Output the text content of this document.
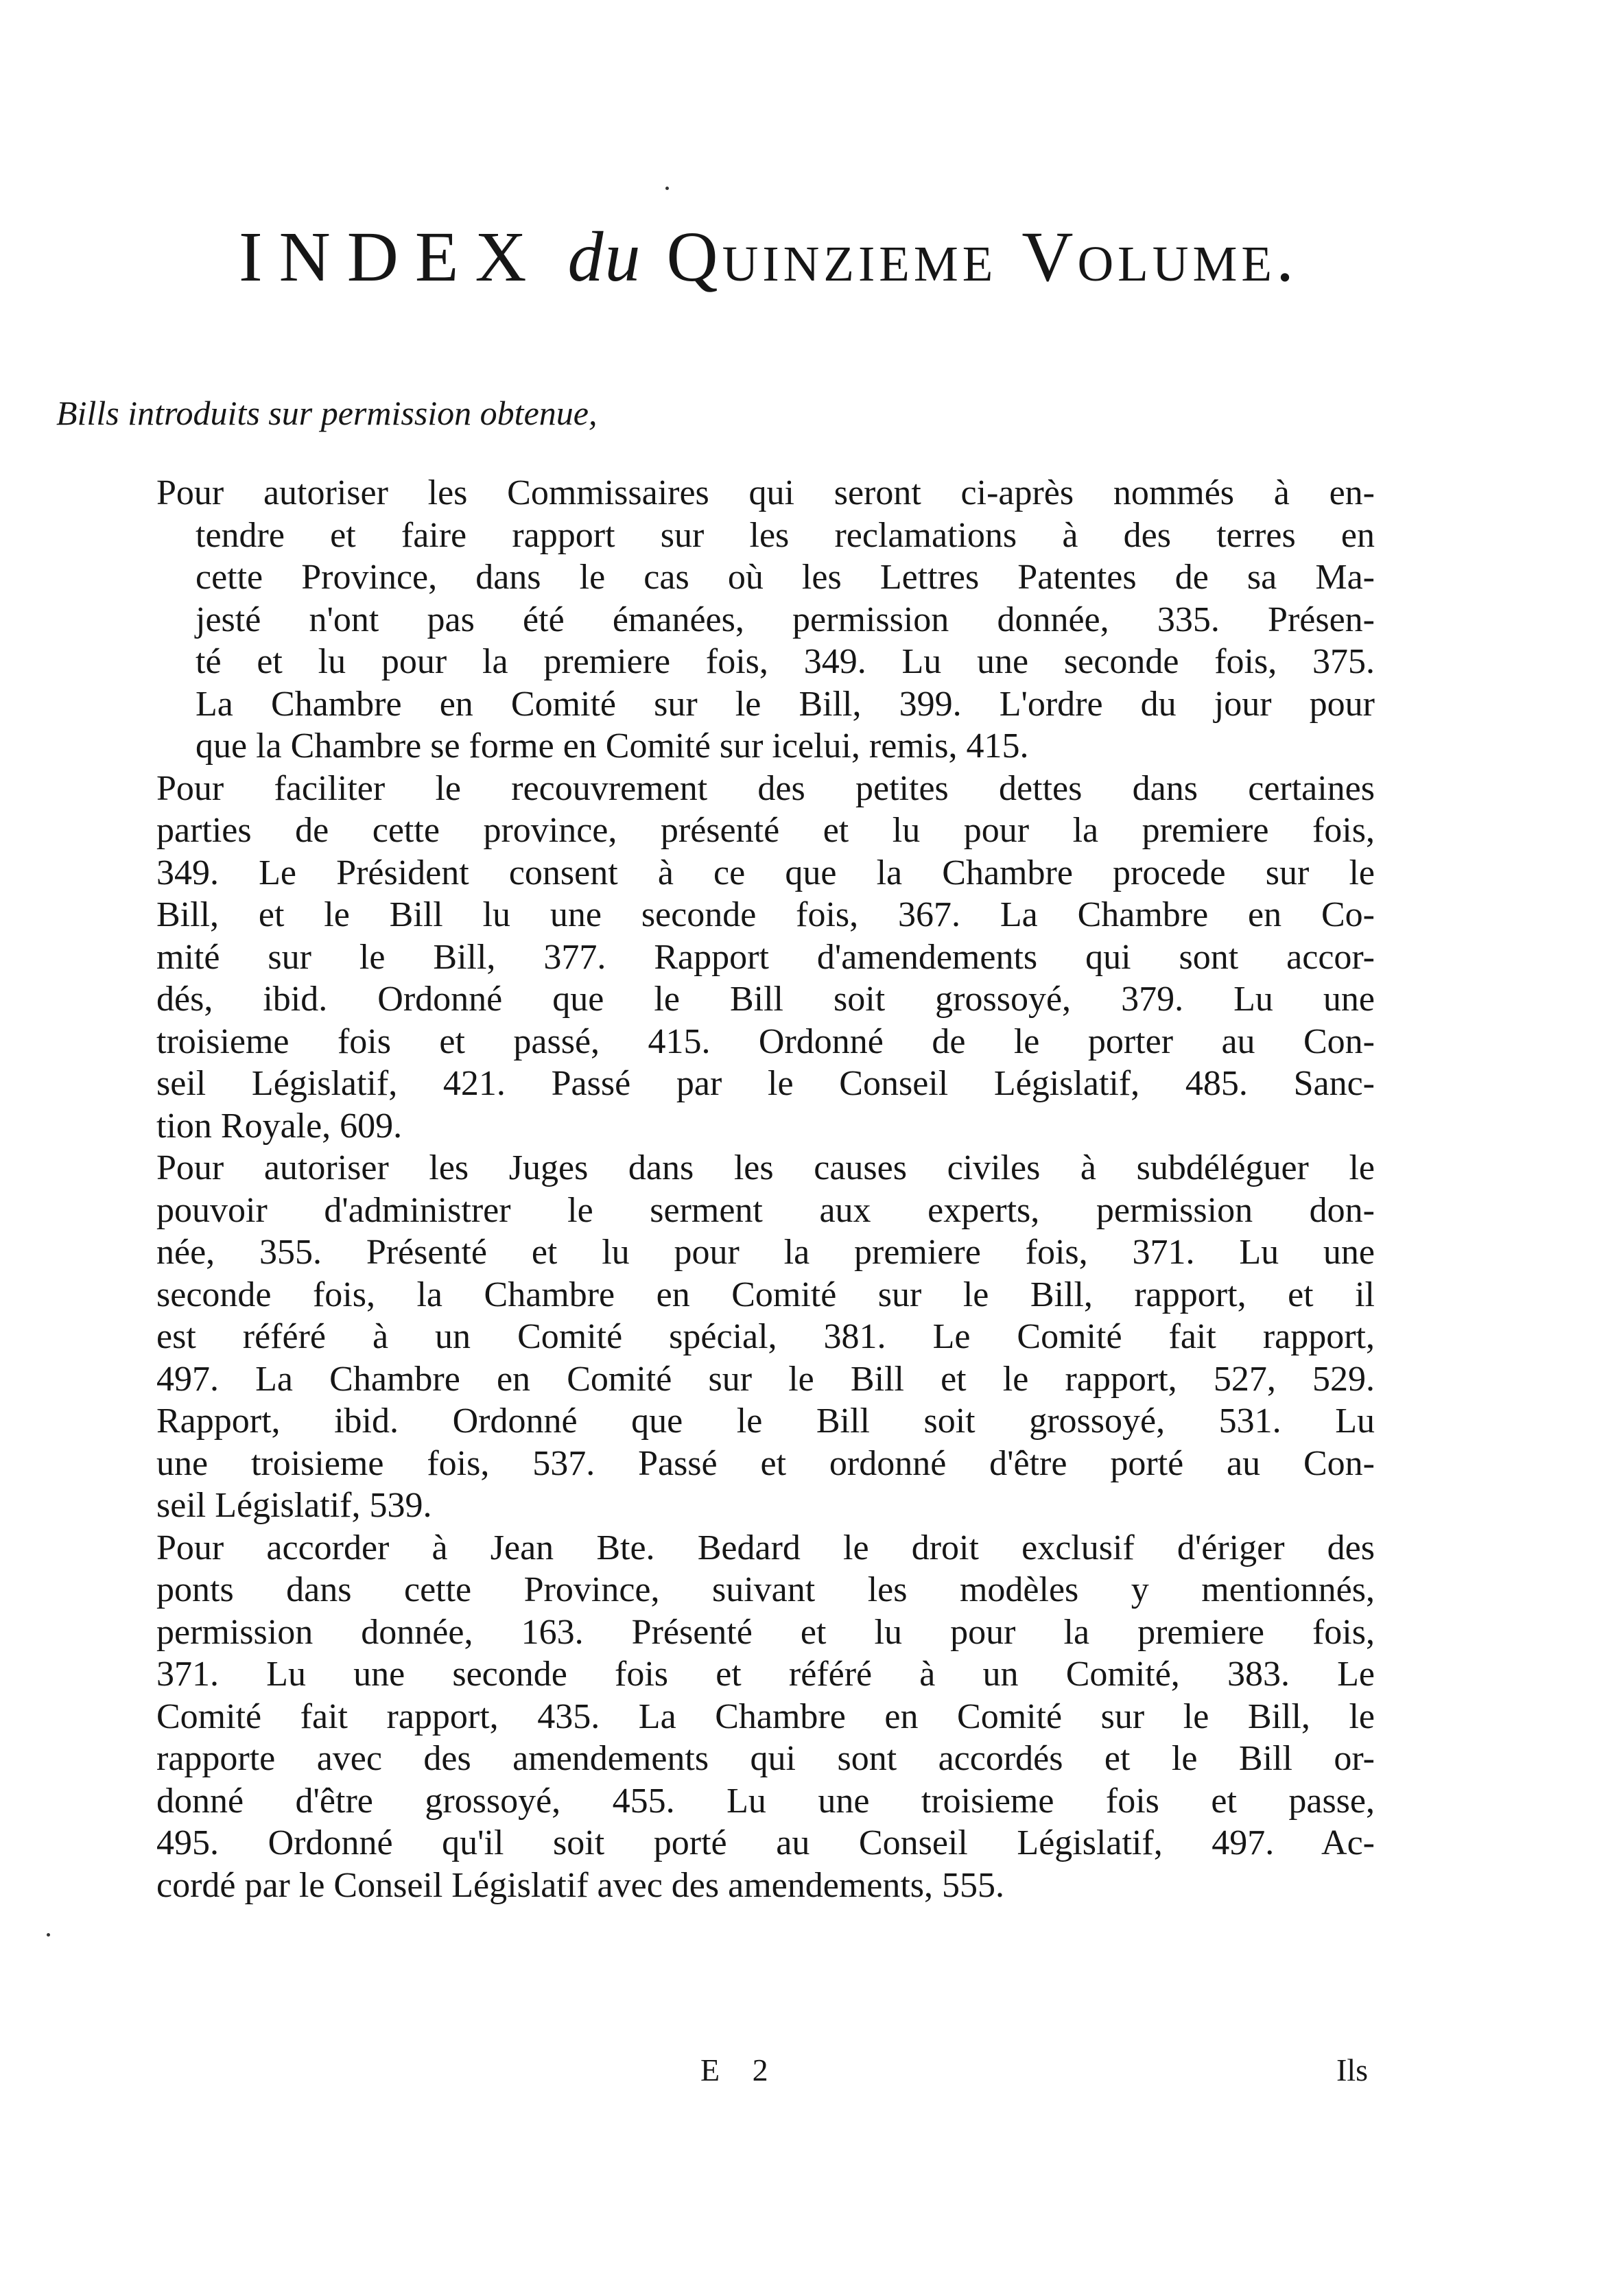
INDEX du Quinzieme Volume.
Bills introduits sur permission obtenue,

Pour autoriser les Commissaires qui seront ci-après nommés à en-
tendre et faire rapport sur les reclamations à des terres en
cette Province, dans le cas où les Lettres Patentes de sa Ma-
jesté n'ont pas été émanées, permission donnée, 335. Présen-
té et lu pour la premiere fois, 349. Lu une seconde fois, 375.
La Chambre en Comité sur le Bill, 399. L'ordre du jour pour
que la Chambre se forme en Comité sur icelui, remis, 415.

Pour faciliter le recouvrement des petites dettes dans certaines
parties de cette province, présenté et lu pour la premiere fois,
349. Le Président consent à ce que la Chambre procede sur le
Bill, et le Bill lu une seconde fois, 367. La Chambre en Co-
mité sur le Bill, 377. Rapport d'amendements qui sont accor-
dés, ibid. Ordonné que le Bill soit grossoyé, 379. Lu une
troisieme fois et passé, 415. Ordonné de le porter au Con-
seil Législatif, 421. Passé par le Conseil Législatif, 485. Sanc-
tion Royale, 609.

Pour autoriser les Juges dans les causes civiles à subdéléguer le
pouvoir d'administrer le serment aux experts, permission don-
née, 355. Présenté et lu pour la premiere fois, 371. Lu une
seconde fois, la Chambre en Comité sur le Bill, rapport, et il
est référé à un Comité spécial, 381. Le Comité fait rapport,
497. La Chambre en Comité sur le Bill et le rapport, 527, 529.
Rapport, ibid. Ordonné que le Bill soit grossoyé, 531. Lu
une troisieme fois, 537. Passé et ordonné d'être porté au Con-
seil Législatif, 539.

Pour accorder à Jean Bte. Bedard le droit exclusif d'ériger des
ponts dans cette Province, suivant les modèles y mentionnés,
permission donnée, 163. Présenté et lu pour la premiere fois,
371. Lu une seconde fois et référé à un Comité, 383. Le
Comité fait rapport, 435. La Chambre en Comité sur le Bill, le
rapporte avec des amendements qui sont accordés et le Bill or-
donné d'être grossoyé, 455. Lu une troisieme fois et passe,
495. Ordonné qu'il soit porté au Conseil Législatif, 497. Ac-
cordé par le Conseil Législatif avec des amendements, 555.

E 2	Ils
